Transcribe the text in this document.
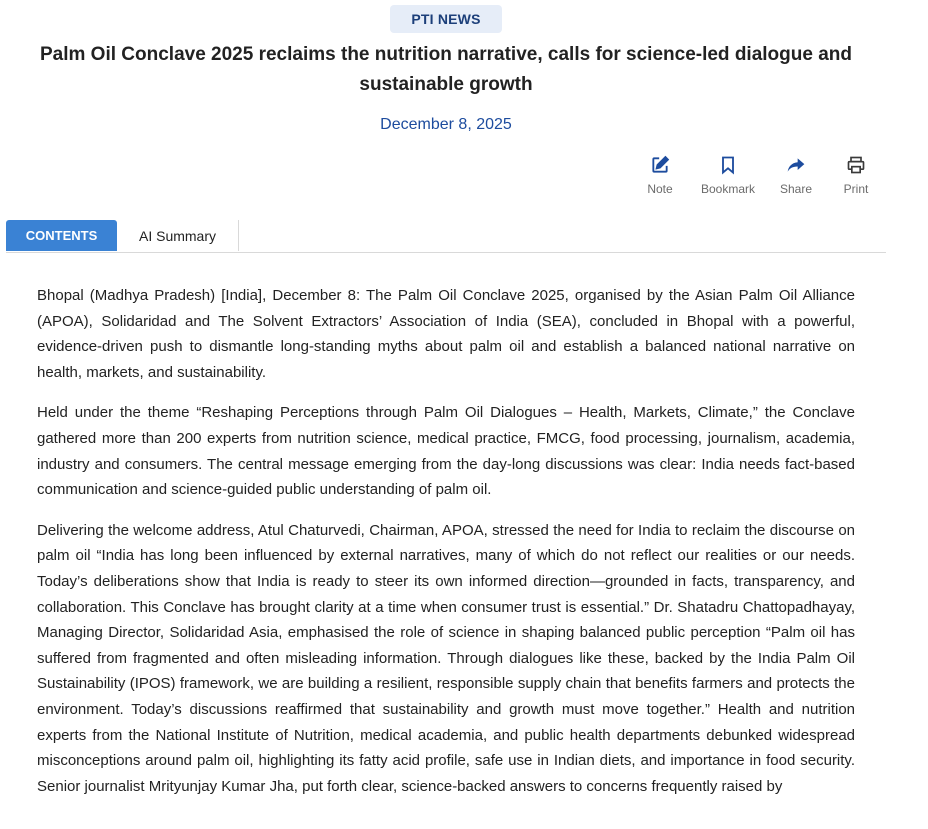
PTI NEWS
Palm Oil Conclave 2025 reclaims the nutrition narrative, calls for science-led dialogue and sustainable growth
December 8, 2025
Note Bookmark Share	Print
CONTENTS	AI Summary

Bhopal (Madhya Pradesh) [India], December 8: The Palm Oil Conclave 2025, organised by the Asian Palm Oil Alliance (APOA), Solidaridad and The Solvent Extractors’ Association of India (SEA), concluded in Bhopal with a powerful, evidence-driven push to dismantle long-standing myths about palm oil and establish a balanced national narrative on health, markets, and sustainability.

Held under the theme “Reshaping Perceptions through Palm Oil Dialogues – Health, Markets, Climate,” the Conclave gathered more than 200 experts from nutrition science, medical practice, FMCG, food processing, journalism, academia, industry and consumers. The central message emerging from the day-long discussions was clear: India needs fact-based communication and science-guided public understanding of palm oil.

Delivering the welcome address, Atul Chaturvedi, Chairman, APOA, stressed the need for India to reclaim the discourse on palm oil “India has long been influenced by external narratives, many of which do not reflect our realities or our needs. Today’s deliberations show that India is ready to steer its own informed direction—grounded in facts, transparency, and collaboration. This Conclave has brought clarity at a time when consumer trust is essential.” Dr. Shatadru Chattopadhayay, Managing Director, Solidaridad Asia, emphasised the role of science in shaping balanced public perception “Palm oil has suffered from fragmented and often misleading information. Through dialogues like these, backed by the India Palm Oil Sustainability (IPOS) framework, we are building a resilient, responsible supply chain that benefits farmers and protects the environment. Today’s discussions reaffirmed that sustainability and growth must move together.” Health and nutrition experts from the National Institute of Nutrition, medical academia, and public health departments debunked widespread misconceptions around palm oil, highlighting its fatty acid profile, safe use in Indian diets, and importance in food security. Senior journalist Mrityunjay Kumar Jha, put forth clear, science-backed answers to concerns frequently raised by
